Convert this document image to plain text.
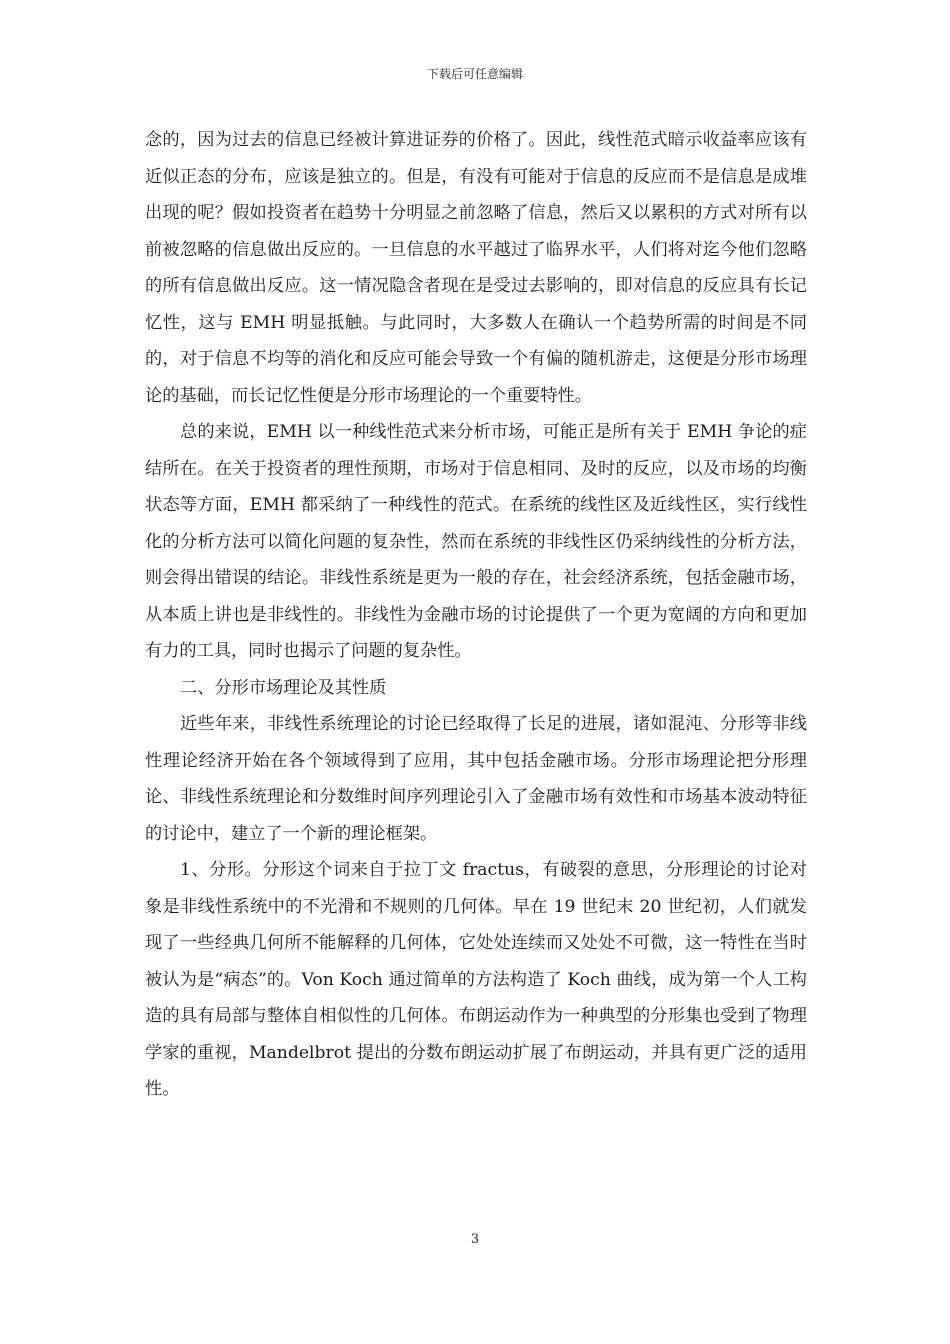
下载后可任意编辑

念的，因为过去的信息已经被计算进证券的价格了。因此，线性范式暗示收益率应该有近似正态的分布，应该是独立的。但是，有没有可能对于信息的反应而不是信息是成堆出现的呢？假如投资者在趋势十分明显之前忽略了信息，然后又以累积的方式对所有以前被忽略的信息做出反应的。一旦信息的水平越过了临界水平，人们将对迄今他们忽略的所有信息做出反应。这一情况隐含者现在是受过去影响的，即对信息的反应具有长记忆性，这与 EMH 明显抵触。与此同时，大多数人在确认一个趋势所需的时间是不同的，对于信息不均等的消化和反应可能会导致一个有偏的随机游走，这便是分形市场理论的基础，而长记忆性便是分形市场理论的一个重要特性。

总的来说，EMH 以一种线性范式来分析市场，可能正是所有关于 EMH 争论的症结所在。在关于投资者的理性预期，市场对于信息相同、及时的反应，以及市场的均衡状态等方面，EMH 都采纳了一种线性的范式。在系统的线性区及近线性区，实行线性化的分析方法可以简化问题的复杂性，然而在系统的非线性区仍采纳线性的分析方法，则会得出错误的结论。非线性系统是更为一般的存在，社会经济系统，包括金融市场，从本质上讲也是非线性的。非线性为金融市场的讨论提供了一个更为宽阔的方向和更加有力的工具，同时也揭示了问题的复杂性。

二、分形市场理论及其性质

近些年来，非线性系统理论的讨论已经取得了长足的进展，诸如混沌、分形等非线性理论经济开始在各个领域得到了应用，其中包括金融市场。分形市场理论把分形理论、非线性系统理论和分数维时间序列理论引入了金融市场有效性和市场基本波动特征的讨论中，建立了一个新的理论框架。

1、分形。分形这个词来自于拉丁文 fractus，有破裂的意思，分形理论的讨论对象是非线性系统中的不光滑和不规则的几何体。早在 19 世纪末 20 世纪初，人们就发现了一些经典几何所不能解释的几何体，它处处连续而又处处不可微，这一特性在当时被认为是“病态”的。Von Koch 通过简单的方法构造了 Koch 曲线，成为第一个人工构造的具有局部与整体自相似性的几何体。布朗运动作为一种典型的分形集也受到了物理学家的重视，Mandelbrot 提出的分数布朗运动扩展了布朗运动，并具有更广泛的适用性。

3
